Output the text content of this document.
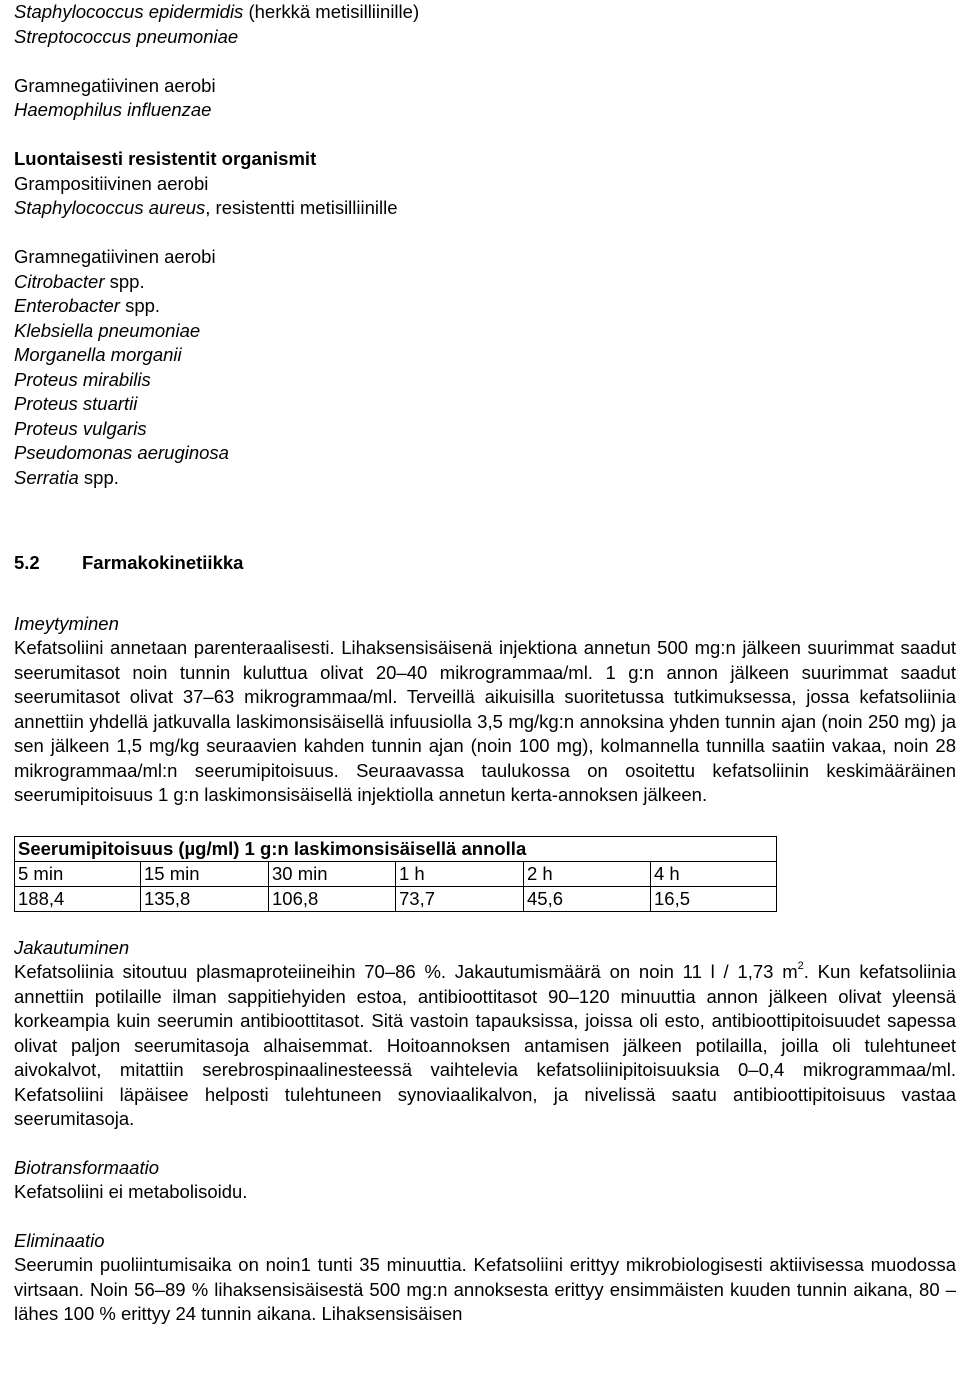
Staphylococcus epidermidis (herkkä metisilliinille)
Streptococcus pneumoniae
Gramnegatiivinen aerobi
Haemophilus influenzae
Luontaisesti resistentit organismit
Grampositiivinen aerobi
Staphylococcus aureus, resistentti metisilliinille
Gramnegatiivinen aerobi
Citrobacter spp.
Enterobacter spp.
Klebsiella pneumoniae
Morganella morganii
Proteus mirabilis
Proteus stuartii
Proteus vulgaris
Pseudomonas aeruginosa
Serratia spp.
5.2 Farmakokinetiikka
Imeytyminen

Kefatsoliini annetaan parenteraalisesti. Lihaksensisäisenä injektiona annetun 500 mg:n jälkeen suurimmat saadut seerumitasot noin tunnin kuluttua olivat 20–40 mikrogrammaa/ml. 1 g:n annon jälkeen suurimmat saadut seerumitasot olivat 37–63 mikrogrammaa/ml. Terveillä aikuisilla suoritetussa tutkimuksessa, jossa kefatsoliinia annettiin yhdellä jatkuvalla laskimonsisäisellä infuusiolla 3,5 mg/kg:n annoksina yhden tunnin ajan (noin 250 mg) ja sen jälkeen 1,5 mg/kg seuraavien kahden tunnin ajan (noin 100 mg), kolmannella tunnilla saatiin vakaa, noin 28 mikrogrammaa/ml:n seerumipitoisuus. Seuraavassa taulukossa on osoitettu kefatsoliinin keskimääräinen seerumipitoisuus 1 g:n laskimonsisäisellä injektiolla annetun kerta-annoksen jälkeen.

Seerumipitoisuus (µg/ml) 1 g:n laskimonsisäisellä annolla					
5 min	15 min	30 min	1 h	2 h	4 h
188,4	135,8	106,8	73,7	45,6	16,5
Jakautuminen

Kefatsoliinia sitoutuu plasmaproteiineihin 70–86 %. Jakautumismäärä on noin 11 l / 1,73 $m^2$. Kun kefatsoliinia annettiin potilaille ilman sappitiehyiden estoa, antibioottitasot 90–120 minuuttia annon jälkeen olivat yleensä korkeampia kuin seerumin antibioottitasot. Sitä vastoin tapauksissa, joissa oli esto, antibioottipitoisuudet sapessa olivat paljon seerumitasoja alhaisemmat. Hoitoannoksen antamisen jälkeen potilailla, joilla oli tulehtuneet aivokalvot, mitattiin serebrospinaalinesteessä vaihtelevia kefatsoliinipitoisuuksia 0–0,4 mikrogrammaa/ml. Kefatsoliini läpäisee helposti tulehtuneen synoviaalikalvon, ja nivelissä saatu antibioottipitoisuus vastaa seerumitasoja.

Biotransformaatio

Kefatsoliini ei metabolisoidu.

Eliminaatio

Seerumin puoliintumisaika on noin1 tunti 35 minuuttia. Kefatsoliini erittyy mikrobiologisesti aktiivisessa muodossa virtsaan. Noin 56–89 % lihaksensisäisestä 500 mg:n annoksesta erittyy ensimmäisten kuuden tunnin aikana, 80 – lähes 100 % erittyy 24 tunnin aikana. Lihaksensisäisen
